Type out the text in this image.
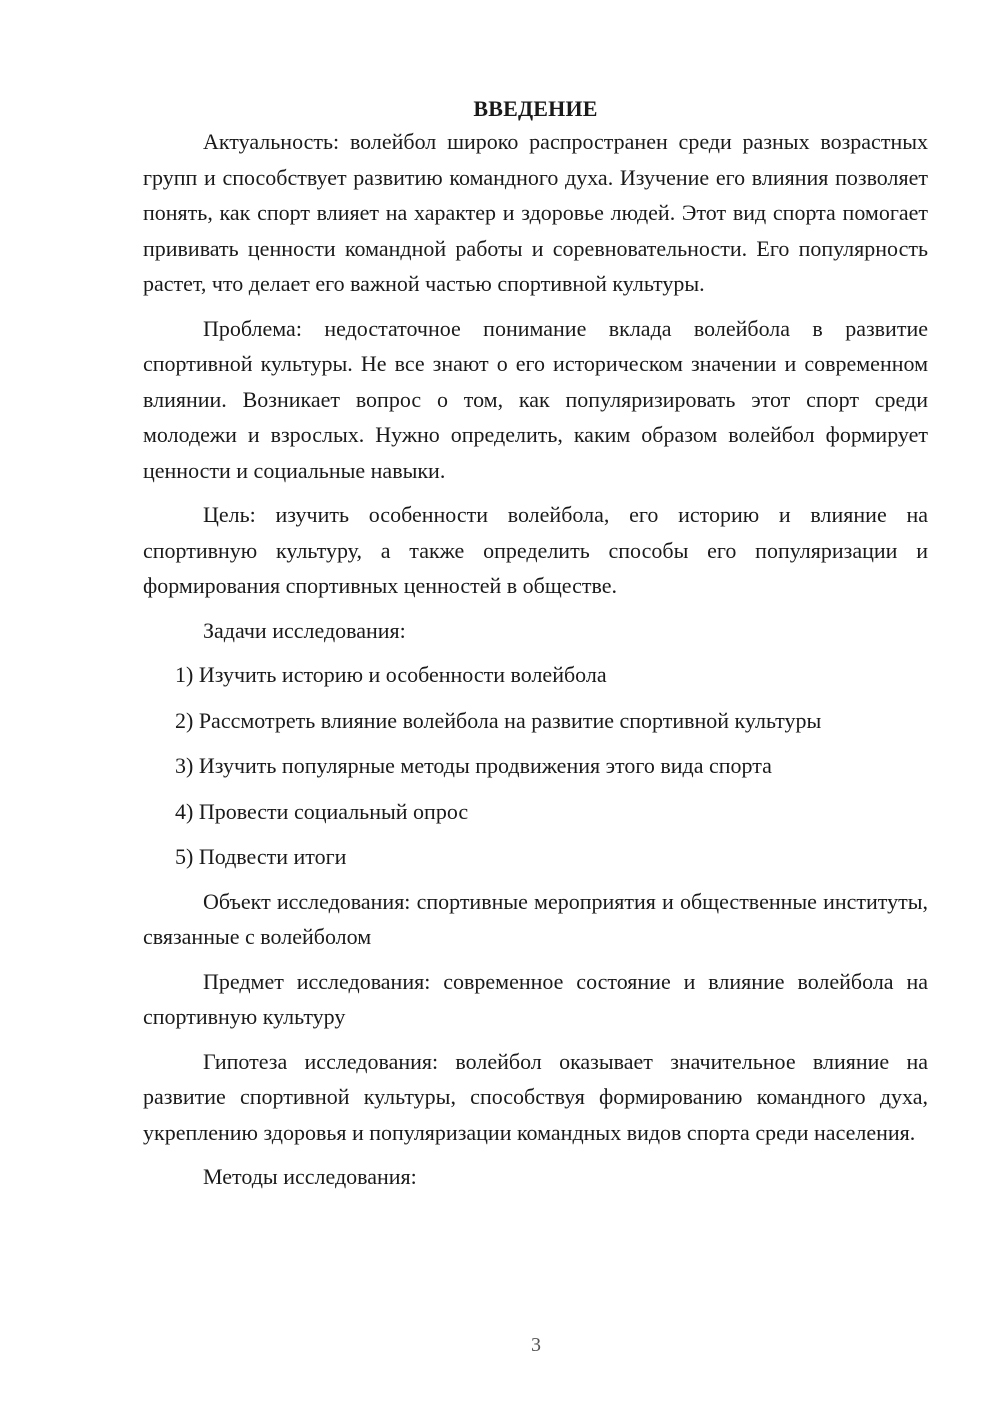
ВВЕДЕНИЕ

Актуальность: волейбол широко распространен среди разных возрастных групп и способствует развитию командного духа. Изучение его влияния позволяет понять, как спорт влияет на характер и здоровье людей. Этот вид спорта помогает прививать ценности командной работы и соревновательности. Его популярность растет, что делает его важной частью спортивной культуры.

Проблема: недостаточное понимание вклада волейбола в развитие спортивной культуры. Не все знают о его историческом значении и современном влиянии. Возникает вопрос о том, как популяризировать этот спорт среди молодежи и взрослых. Нужно определить, каким образом волейбол формирует ценности и социальные навыки.

Цель: изучить особенности волейбола, его историю и влияние на спортивную культуру, а также определить способы его популяризации и формирования спортивных ценностей в обществе.

Задачи исследования:

1) Изучить историю и особенности волейбола
2) Рассмотреть влияние волейбола на развитие спортивной культуры
3) Изучить популярные методы продвижения этого вида спорта
4) Провести социальный опрос
5) Подвести итоги

Объект исследования: спортивные мероприятия и общественные институты, связанные с волейболом

Предмет исследования: современное состояние и влияние волейбола на спортивную культуру

Гипотеза исследования: волейбол оказывает значительное влияние на развитие спортивной культуры, способствуя формированию командного духа, укреплению здоровья и популяризации командных видов спорта среди населения.

Методы исследования:

3
